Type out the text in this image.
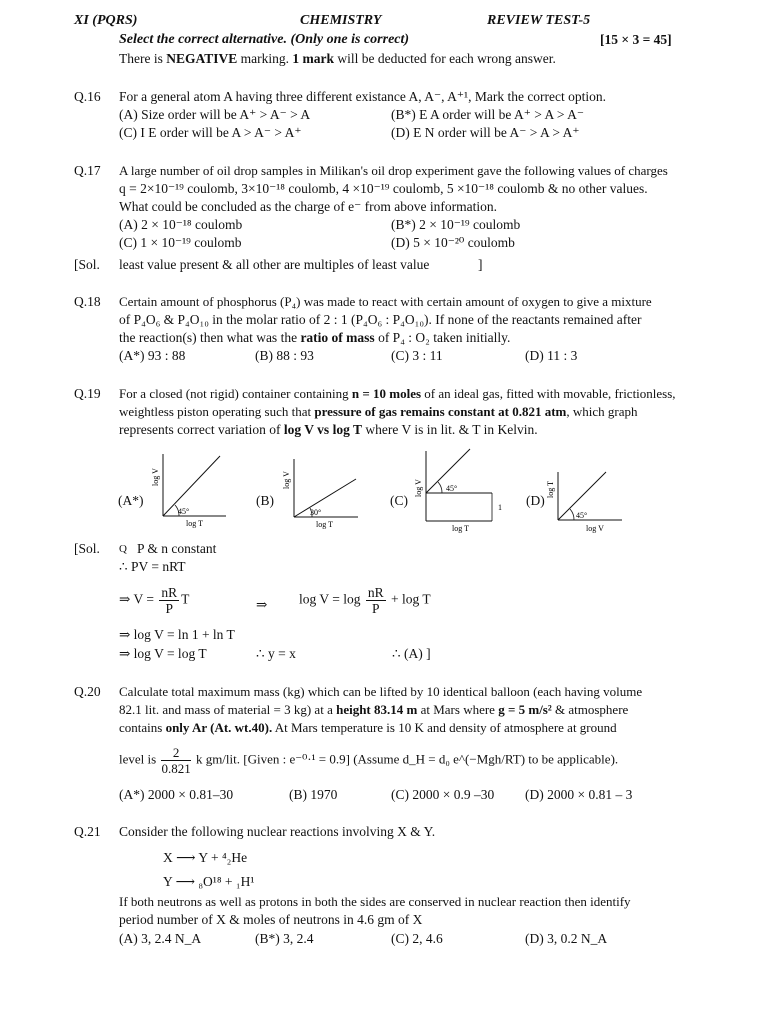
XI (PQRS)	CHEMISTRY	REVIEW TEST-5
Select the correct alternative. (Only one is correct)	[15 × 3 = 45]
There is NEGATIVE marking. 1 mark will be deducted for each wrong answer.
Q.16 For a general atom A having three different existance A, A⁻, A⁺¹, Mark the correct option.
(A) Size order will be A⁺ > A⁻ > A	(B*) E A order will be A⁺ > A > A⁻
(C) I E order will be A > A⁻ > A⁺	(D) E N order will be A⁻ > A > A⁺
Q.17 A large number of oil drop samples in Milikan's oil drop experiment gave the following values of charges
q = 2×10⁻¹⁹ coulomb, 3×10⁻¹⁸ coulomb, 4 ×10⁻¹⁹ coulomb, 5 ×10⁻¹⁸ coulomb & no other values.
What could be concluded as the charge of e⁻ from above information.
(A) 2 × 10⁻¹⁸ coulomb	(B*) 2 × 10⁻¹⁹ coulomb
(C) 1 × 10⁻¹⁹ coulomb	(D) 5 × 10⁻²⁰ coulomb
[Sol. least value present & all other are multiples of least value	]
Q.18 Certain amount of phosphorus (P₄) was made to react with certain amount of oxygen to give a mixture
of P₄O₆ & P₄O₁₀ in the molar ratio of 2 : 1 (P₄O₆ : P₄O₁₀). If none of the reactants remained after
the reaction(s) then what was the ratio of mass of P₄ : O₂ taken initially.
(A*) 93 : 88	(B) 88 : 93	(C) 3 : 11	(D) 11 : 3
Q.19 For a closed (not rigid) container containing n = 10 moles of an ideal gas, fitted with movable, frictionless,
weightless piston operating such that pressure of gas remains constant at 0.821 atm, which graph
represents correct variation of log V vs log T where V is in lit. & T in Kelvin.
(A*)	(B)	(C)	(D)
log V
45°
log T
log V
30°
log T
log V	45°
1
log T
log T
45°
log V
[Sol. Q P & n constant
∴ PV = nRT
⇒ $V = \frac{nR}{P}$ T	⇒ $\log V = \log \frac{nR}{P} + \log T$
⇒ log V = ln 1 + ln T
⇒ log V = log T	∴ y = x	∴ (A) ]
Q.20 Calculate total maximum mass (kg) which can be lifted by 10 identical balloon (each having volume
82.1 lit. and mass of material = 3 kg) at a height 83.14 m at Mars where g = 5 m/s² & atmosphere
contains only Ar (At. wt.40). At Mars temperature is 10 K and density of atmosphere at ground
level is $\frac{2}{0.821}$ k gm/lit. [Given : e⁻⁰·¹ = 0.9] (Assume d_H = d₀ e^(−Mgh/RT) to be applicable).
(A*) 2000 × 0.81–30	(B) 1970	(C) 2000 × 0.9 –30 (D) 2000 × 0.81 – 3
Q.21 Consider the following nuclear reactions involving X & Y.
X ⟶ Y + ⁴₂He
Y ⟶ ₈O¹⁸ + ₁H¹
If both neutrons as well as protons in both the sides are conserved in nuclear reaction then identify
period number of X & moles of neutrons in 4.6 gm of X
(A) 3, 2.4 N_A	(B*) 3, 2.4	(C) 2, 4.6	(D) 3, 0.2 N_A
